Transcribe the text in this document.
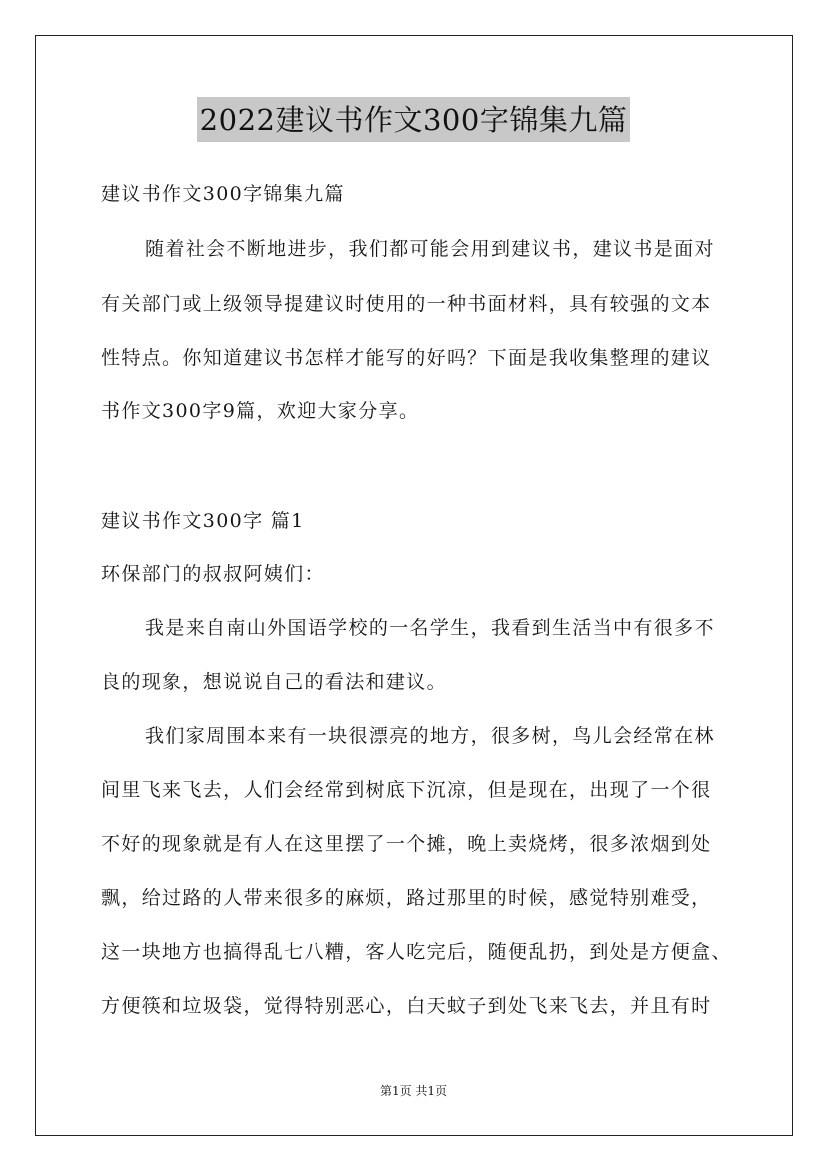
2022建议书作文300字锦集九篇
建议书作文300字锦集九篇
随着社会不断地进步，我们都可能会用到建议书，建议书是面对
有关部门或上级领导提建议时使用的一种书面材料，具有较强的文本
性特点。你知道建议书怎样才能写的好吗？下面是我收集整理的建议
书作文300字9篇，欢迎大家分享。
建议书作文300字 篇1
环保部门的叔叔阿姨们：
我是来自南山外国语学校的一名学生，我看到生活当中有很多不
良的现象，想说说自己的看法和建议。
我们家周围本来有一块很漂亮的地方，很多树，鸟儿会经常在林
间里飞来飞去，人们会经常到树底下沉凉，但是现在，出现了一个很
不好的现象就是有人在这里摆了一个摊，晚上卖烧烤，很多浓烟到处
飘，给过路的人带来很多的麻烦，路过那里的时候，感觉特别难受，
这一块地方也搞得乱七八糟，客人吃完后，随便乱扔，到处是方便盒、
方便筷和垃圾袋，觉得特别恶心，白天蚊子到处飞来飞去，并且有时
第1页 共1页
